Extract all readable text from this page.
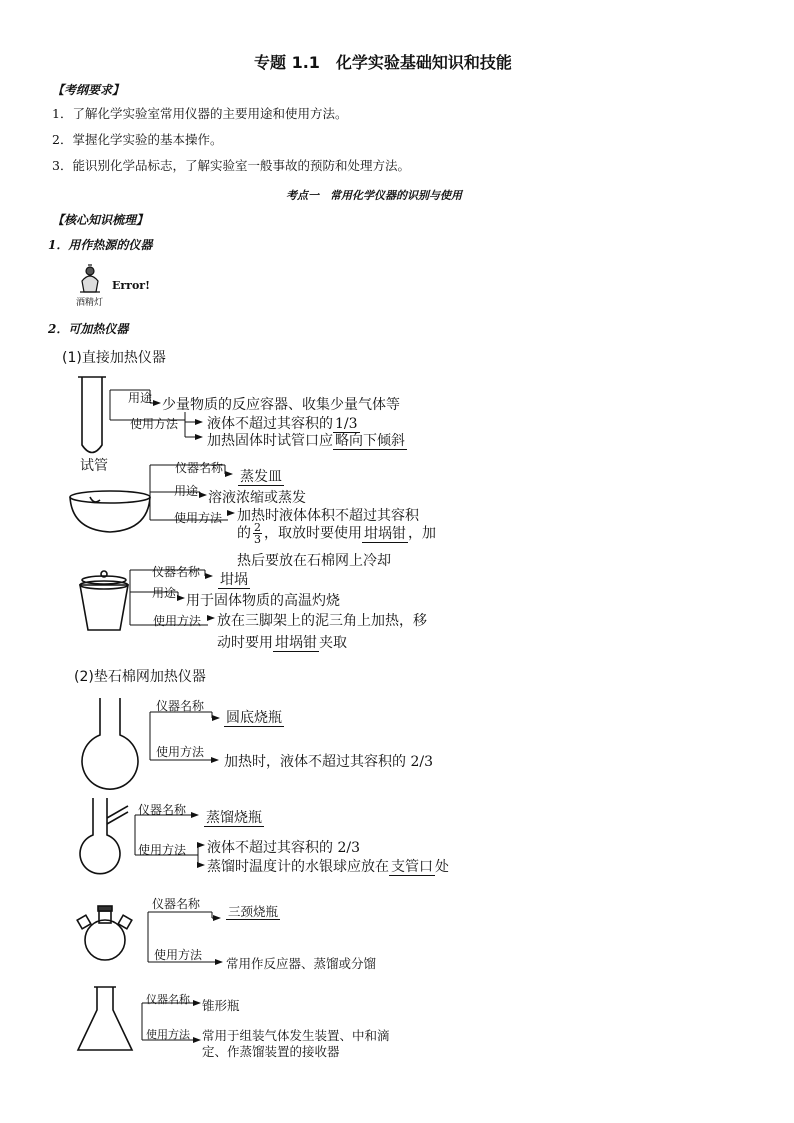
专题 1.1　化学实验基础知识和技能
【考纲要求】
1．了解化学实验室常用仪器的主要用途和使用方法。
2．掌握化学实验的基本操作。
3．能识别化学品标志，了解实验室一般事故的预防和处理方法。
考点一　常用化学仪器的识别与使用
【核心知识梳理】
1．用作热源的仪器
酒精灯
Error!
2．可加热仪器
(1)直接加热仪器
用途 少量物质的反应容器、收集少量气体等
使用方法 液体不超过其容积的 1/3
加热固体时试管口应 略向下倾斜
试管	仪器名称
蒸发皿
用途 溶液浓缩或蒸发
使用方法 加热时液体体积不超过其容积
的 $\frac{2}{3}$ ，取放时要使用 坩埚钳 ，加
热后要放在石棉网上冷却
仪器名称 坩埚
用途 用于固体物质的高温灼烧
使用方法 放在三脚架上的泥三角上加热，移
动时要用 坩埚钳 夹取
(2)垫石棉网加热仪器
仪器名称
圆底烧瓶
使用方法
加热时，液体不超过其容积的 2/3
仪器名称 蒸馏烧瓶
使用方法 液体不超过其容积的 2/3
蒸馏时温度计的水银球应放在 支管口 处
仪器名称 三颈烧瓶
使用方法
常用作反应器、蒸馏或分馏
仪器名称 锥形瓶
使用方法 常用于组装气体发生装置、中和滴
定、作蒸馏装置的接收器
